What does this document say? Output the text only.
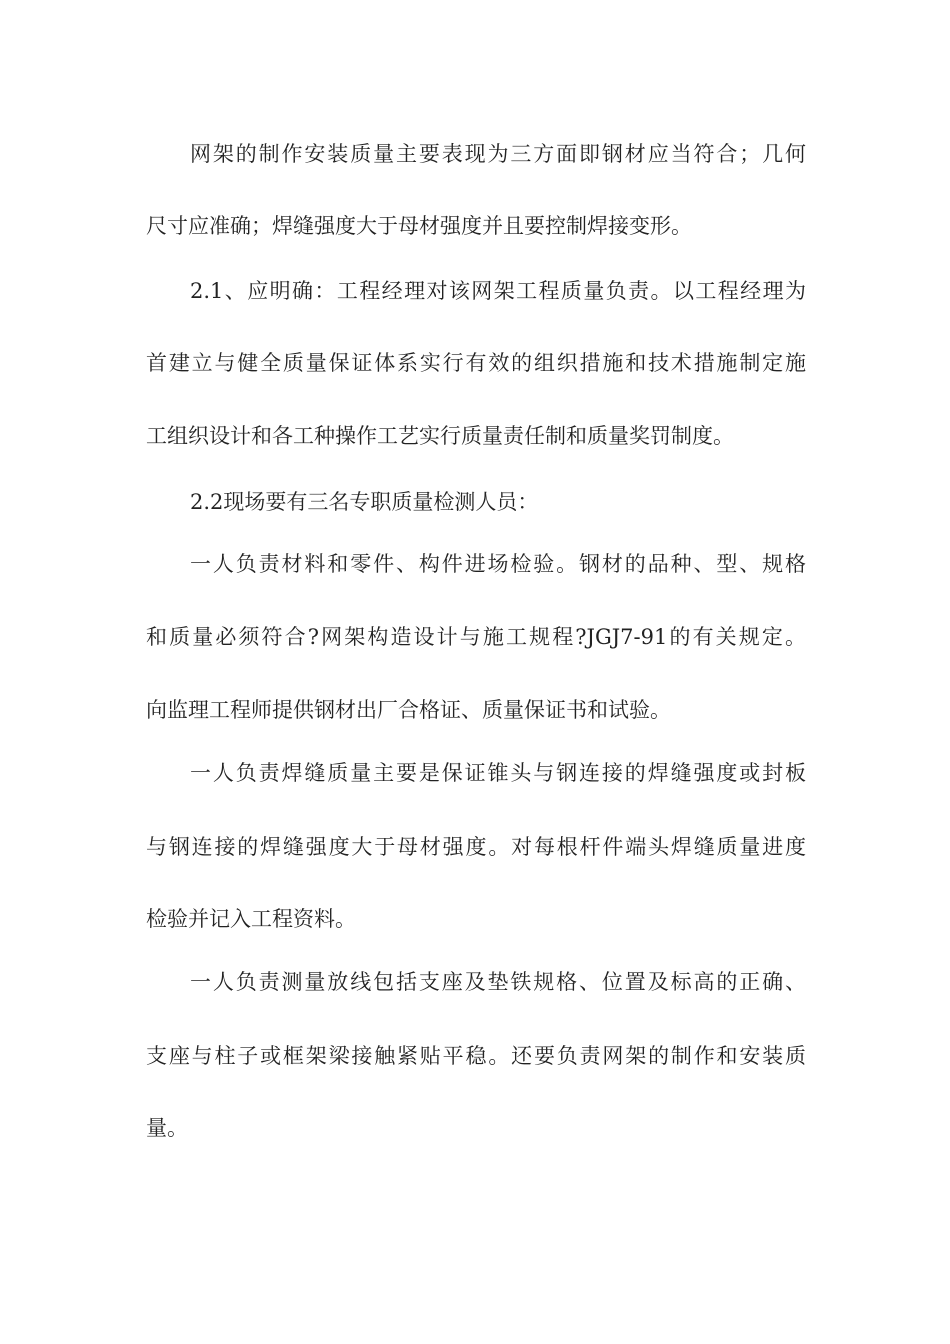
网架的制作安装质量主要表现为三方面即钢材应当符合；几何
尺寸应准确；焊缝强度大于母材强度并且要控制焊接变形。
2.1、应明确：工程经理对该网架工程质量负责。以工程经理为
首建立与健全质量保证体系实行有效的组织措施和技术措施制定施
工组织设计和各工种操作工艺实行质量责任制和质量奖罚制度。
2.2现场要有三名专职质量检测人员：
一人负责材料和零件、构件进场检验。钢材的品种、型、规格
和质量必须符合?网架构造设计与施工规程?JGJ7-91的有关规定。
向监理工程师提供钢材出厂合格证、质量保证书和试验。
一人负责焊缝质量主要是保证锥头与钢连接的焊缝强度或封板
与钢连接的焊缝强度大于母材强度。对每根杆件端头焊缝质量进度
检验并记入工程资料。
一人负责测量放线包括支座及垫铁规格、位置及标高的正确、
支座与柱子或框架梁接触紧贴平稳。还要负责网架的制作和安装质
量。
